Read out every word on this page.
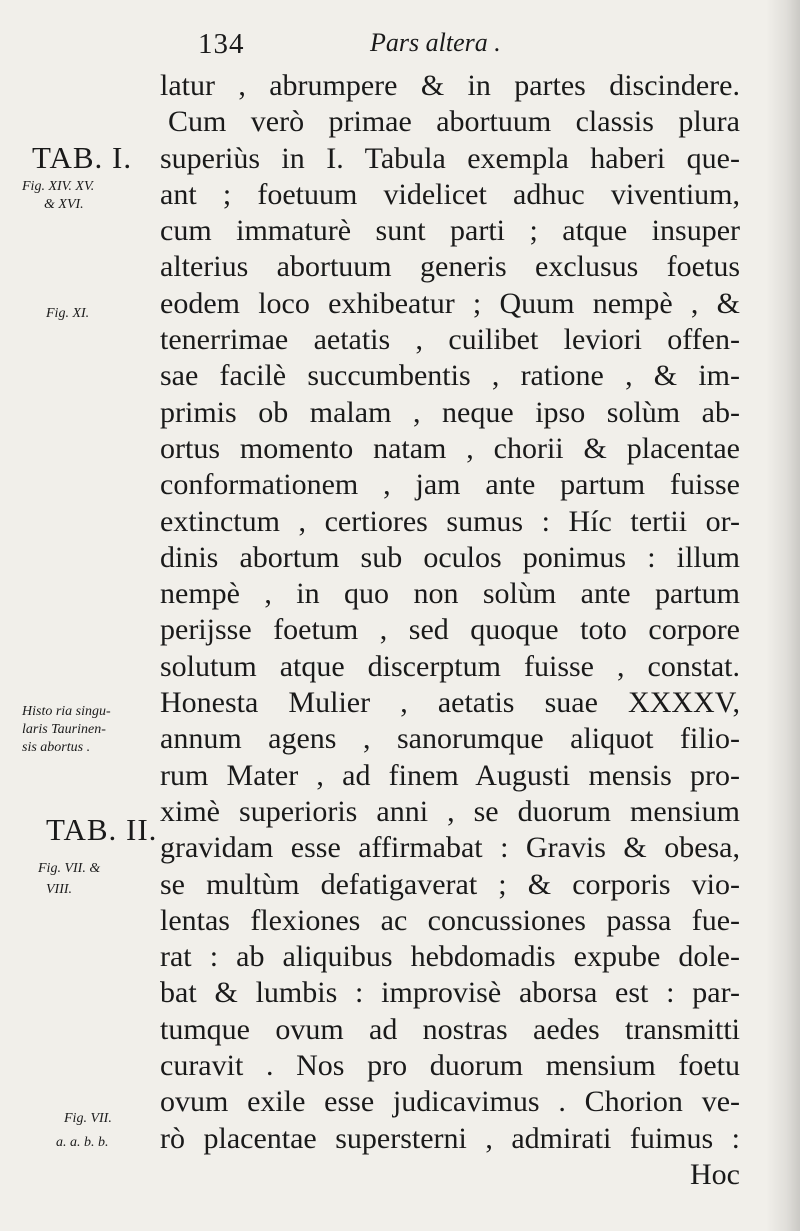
134	Pars altera .
TAB. I.
Fig. XIV. XV.
& XVI.
Fig. XI.
Histo ria singu-
laris Taurinen-
sis abortus .
TAB. II.
Fig. VII. &
VIII.
Fig. VII.
a. a. b. b.
latur , abrumpere & in partes discindere.
Cum verò primae abortuum classis plura
superiùs in I. Tabula exempla haberi que-
ant ; foetuum videlicet adhuc viventium,
cum immaturè sunt parti ; atque insuper
alterius abortuum generis exclusus foetus
eodem loco exhibeatur ; Quum nempè , &
tenerrimae aetatis , cuilibet leviori offen-
sae facilè succumbentis , ratione , & im-
primis ob malam , neque ipso solùm ab-
ortus momento natam , chorii & placentae
conformationem , jam ante partum fuisse
extinctum , certiores sumus : Híc tertii or-
dinis abortum sub oculos ponimus : illum
nempè , in quo non solùm ante partum
perijsse foetum , sed quoque toto corpore
solutum atque discerptum fuisse , constat.
Honesta Mulier , aetatis suae XXXXV,
annum agens , sanorumque aliquot filio-
rum Mater , ad finem Augusti mensis pro-
ximè superioris anni , se duorum mensium
gravidam esse affirmabat : Gravis & obesa,
se multùm defatigaverat ; & corporis vio-
lentas flexiones ac concussiones passa fue-
rat : ab aliquibus hebdomadis expube dole-
bat & lumbis : improvisè aborsa est : par-
tumque ovum ad nostras aedes transmitti
curavit . Nos pro duorum mensium foetu
ovum exile esse judicavimus . Chorion ve-
rò placentae supersterni , admirati fuimus :
Hoc
